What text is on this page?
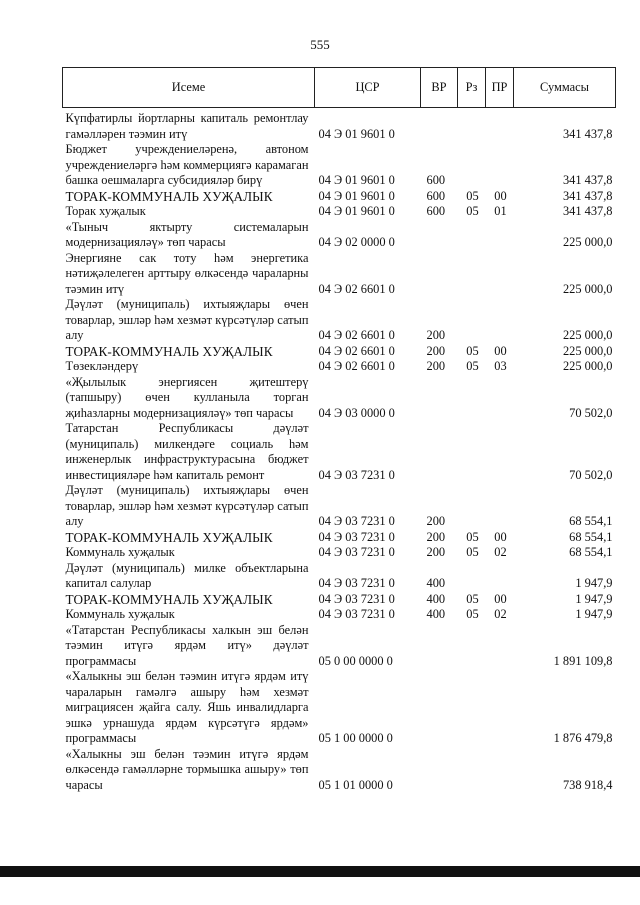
555
Исеме	ЦСР	ВР	Рз	ПР	Суммасы
Күпфатирлы йортларны капиталь ремонтлау гамәлләрен тәэмин итү	04 Э 01 9601 0				341 437,8
Бюджет учреждениеләренә, автоном учреждениеләргә һәм коммерциягә карамаган башка оешмаларга субсидияләр бирү	04 Э 01 9601 0	600			341 437,8
ТОРАК-КОММУНАЛЬ ХУҖАЛЫК	04 Э 01 9601 0	600	05	00	341 437,8
Торак хуҗалык	04 Э 01 9601 0	600	05	01	341 437,8
«Тыныч яктырту системаларын модернизацияләү» төп чарасы	04 Э 02 0000 0				225 000,0
Энергияне сак тоту һәм энергетика нәтиҗәлелеген арттыру өлкәсендә чараларны тәэмин итү	04 Э 02 6601 0				225 000,0
Дәүләт (муниципаль) ихтыяҗлары өчен товарлар, эшләр һәм хезмәт күрсәтүләр сатып алу	04 Э 02 6601 0	200			225 000,0
ТОРАК-КОММУНАЛЬ ХУҖАЛЫК	04 Э 02 6601 0	200	05	00	225 000,0
Төзекләндерү	04 Э 02 6601 0	200	05	03	225 000,0
«Җылылык энергиясен җитештерү (тапшыру) өчен кулланыла торган җиһазларны модернизацияләү» төп чарасы	04 Э 03 0000 0				70 502,0
Татарстан Республикасы дәүләт (муниципаль) милкендәге социаль һәм инженерлык инфраструктурасына бюджет инвестицияләре һәм капиталь ремонт	04 Э 03 7231 0				70 502,0
Дәүләт (муниципаль) ихтыяҗлары өчен товарлар, эшләр һәм хезмәт күрсәтүләр сатып алу	04 Э 03 7231 0	200			68 554,1
ТОРАК-КОММУНАЛЬ ХУҖАЛЫК	04 Э 03 7231 0	200	05	00	68 554,1
Коммуналь хуҗалык	04 Э 03 7231 0	200	05	02	68 554,1
Дәүләт (муниципаль) милке объектларына капитал салулар	04 Э 03 7231 0	400			1 947,9
ТОРАК-КОММУНАЛЬ ХУҖАЛЫК	04 Э 03 7231 0	400	05	00	1 947,9
Коммуналь хуҗалык	04 Э 03 7231 0	400	05	02	1 947,9
«Татарстан Республикасы халкын эш белән тәэмин итүгә ярдәм итү» дәүләт программасы	05 0 00 0000 0				1 891 109,8
«Халыкны эш белән тәэмин итүгә ярдәм итү чараларын гамәлгә ашыру һәм хезмәт миграциясен җайга салу. Яшь инвалидларга эшкә урнашуда ярдәм күрсәтүгә ярдәм» программасы	05 1 00 0000 0				1 876 479,8
«Халыкны эш белән тәэмин итүгә ярдәм өлкәсендә гамәлләрне тормышка ашыру» төп чарасы	05 1 01 0000 0				738 918,4
